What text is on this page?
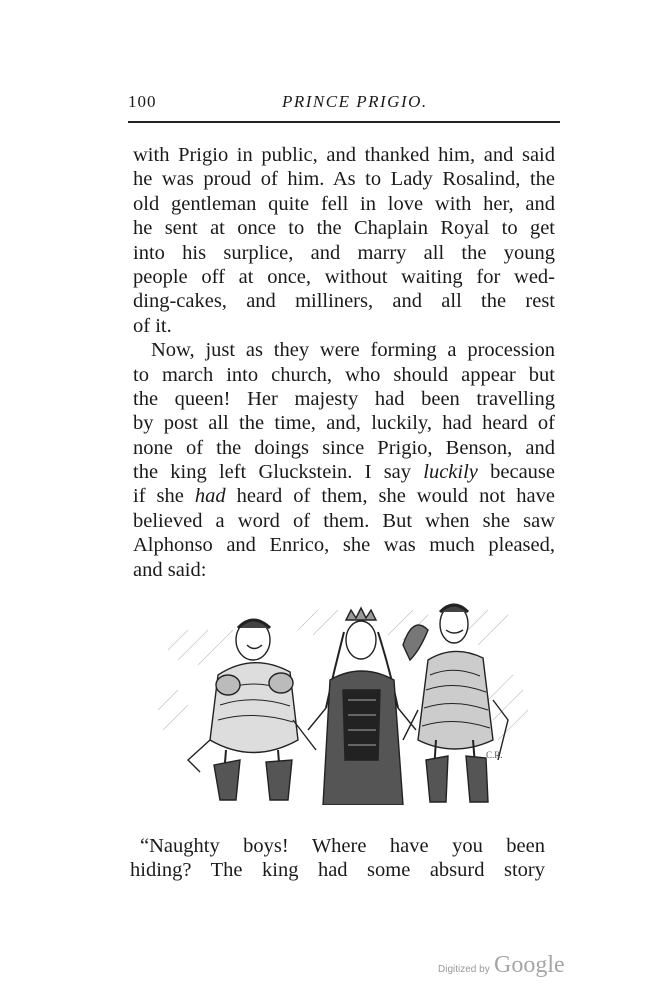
100	PRINCE PRIGIO.
with Prigio in public, and thanked him, and said
he was proud of him. As to Lady Rosalind, the
old gentleman quite fell in love with her, and
he sent at once to the Chaplain Royal to get
into his surplice, and marry all the young
people off at once, without waiting for wed-
ding-cakes, and milliners, and all the rest
of it.
Now, just as they were forming a procession
to march into church, who should appear but
the queen! Her majesty had been travelling
by post all the time, and, luckily, had heard of
none of the doings since Prigio, Benson, and
the king left Gluckstein. I say luckily because
if she had heard of them, she would not have
believed a word of them. But when she saw
Alphonso and Enrico, she was much pleased,
and said:
C.R.
“Naughty boys! Where have you been
hiding? The king had some absurd story
Digitized by Google
